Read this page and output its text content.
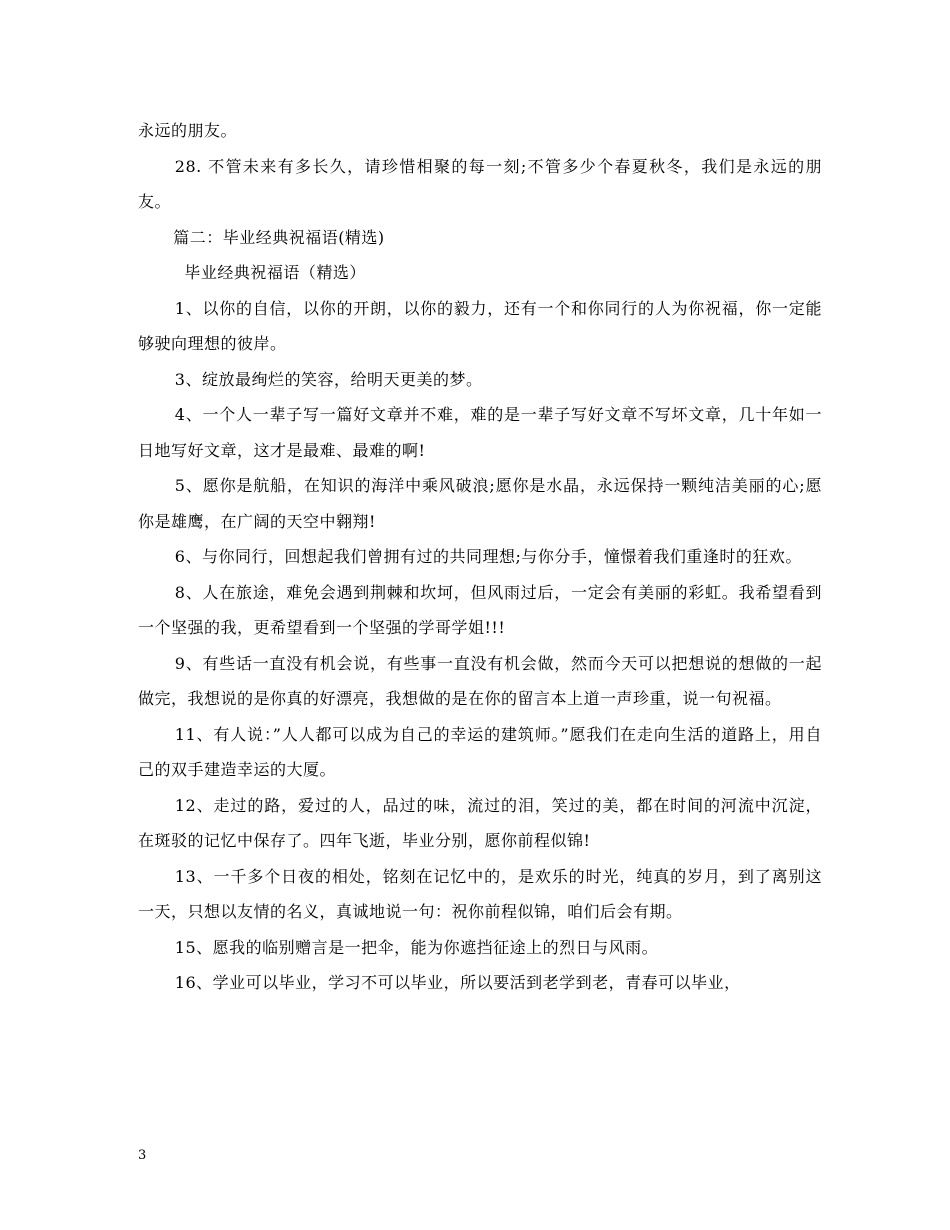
永远的朋友。

28. 不管未来有多长久，请珍惜相聚的每一刻;不管多少个春夏秋冬，我们是永远的朋友。

篇二：毕业经典祝福语(精选)

毕业经典祝福语（精选）

1、以你的自信，以你的开朗，以你的毅力，还有一个和你同行的人为你祝福，你一定能够驶向理想的彼岸。

3、绽放最绚烂的笑容，给明天更美的梦。

4、一个人一辈子写一篇好文章并不难，难的是一辈子写好文章不写坏文章，几十年如一日地写好文章，这才是最难、最难的啊!

5、愿你是航船，在知识的海洋中乘风破浪;愿你是水晶，永远保持一颗纯洁美丽的心;愿你是雄鹰，在广阔的天空中翱翔!

6、与你同行，回想起我们曾拥有过的共同理想;与你分手，憧憬着我们重逢时的狂欢。

8、人在旅途，难免会遇到荆棘和坎坷，但风雨过后，一定会有美丽的彩虹。我希望看到一个坚强的我，更希望看到一个坚强的学哥学姐!!!

9、有些话一直没有机会说，有些事一直没有机会做，然而今天可以把想说的想做的一起做完，我想说的是你真的好漂亮，我想做的是在你的留言本上道一声珍重，说一句祝福。

11、有人说：”人人都可以成为自己的幸运的建筑师。”愿我们在走向生活的道路上，用自己的双手建造幸运的大厦。

12、走过的路，爱过的人，品过的味，流过的泪，笑过的美，都在时间的河流中沉淀，在斑驳的记忆中保存了。四年飞逝，毕业分别，愿你前程似锦!

13、一千多个日夜的相处，铭刻在记忆中的，是欢乐的时光，纯真的岁月，到了离别这一天，只想以友情的名义，真诚地说一句：祝你前程似锦，咱们后会有期。

15、愿我的临别赠言是一把伞，能为你遮挡征途上的烈日与风雨。

16、学业可以毕业，学习不可以毕业，所以要活到老学到老，青春可以毕业，

3
